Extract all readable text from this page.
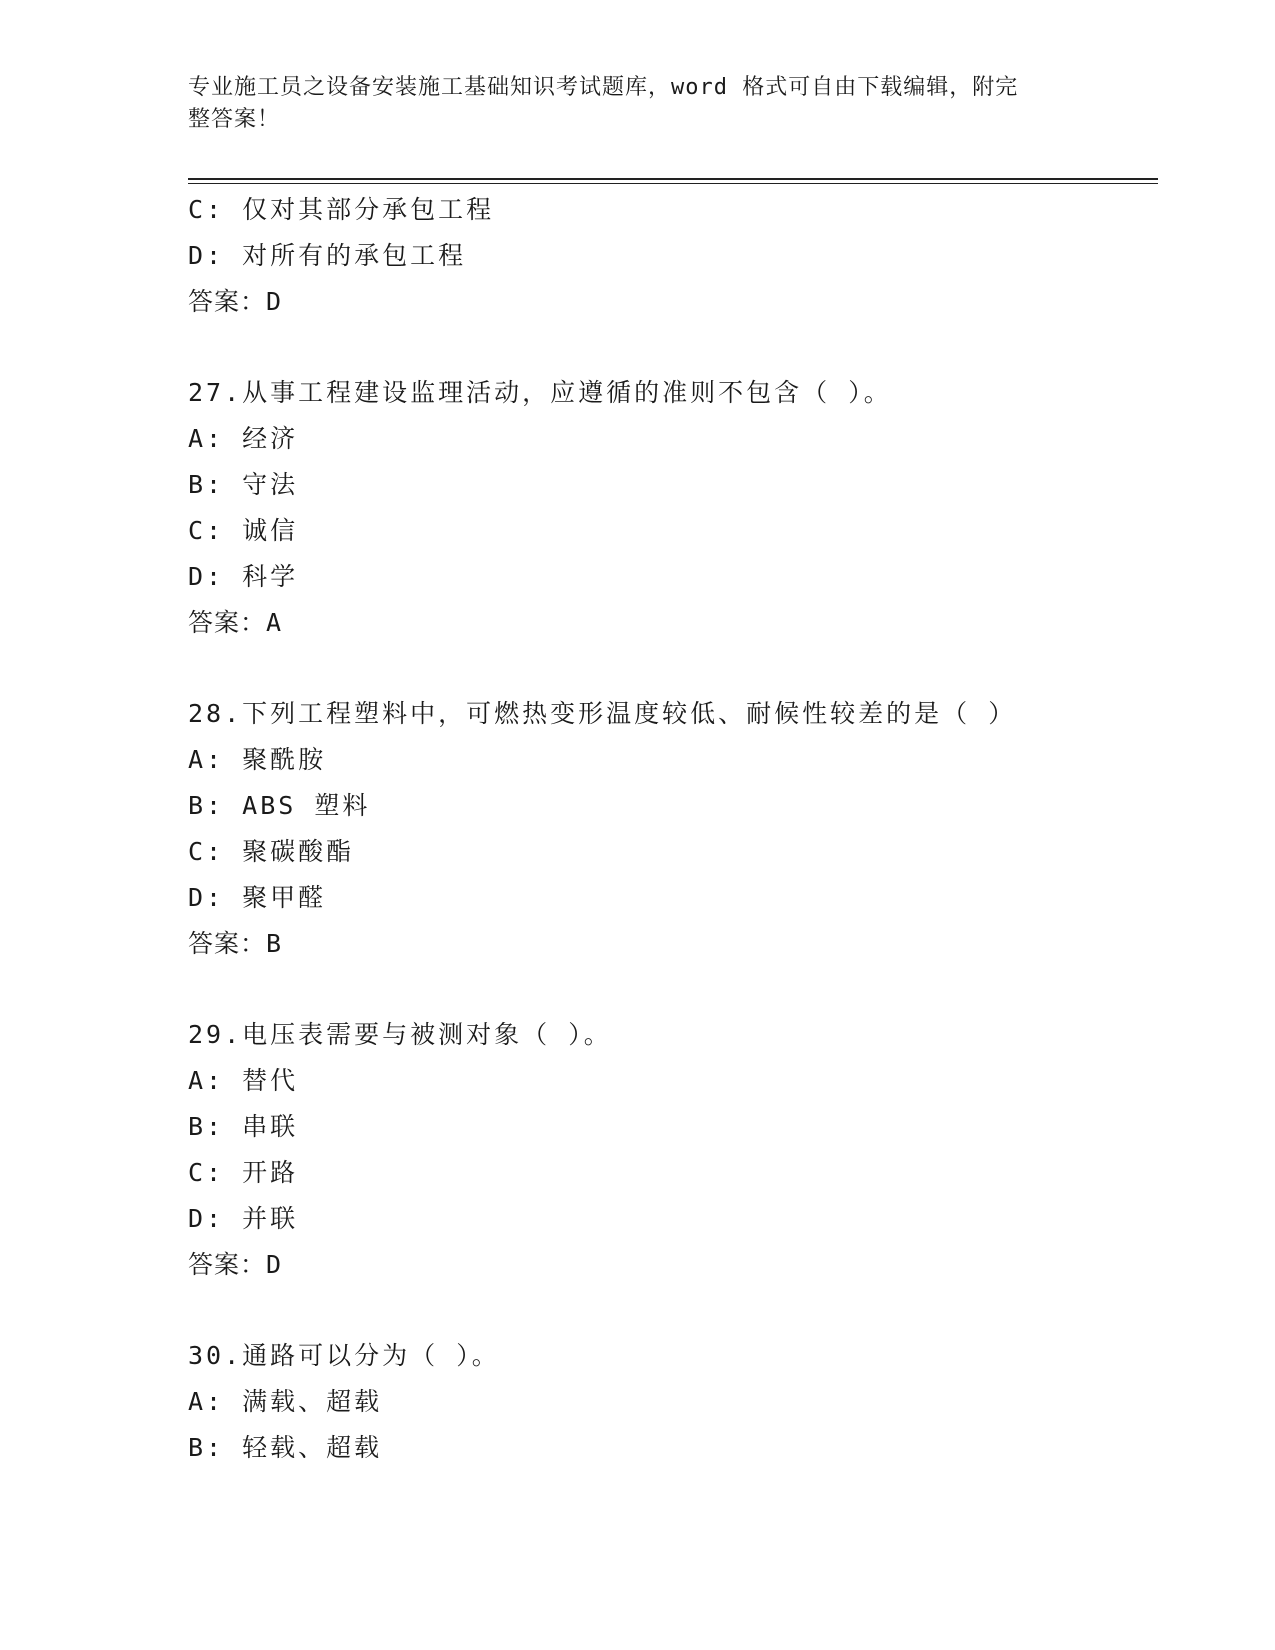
专业施工员之设备安装施工基础知识考试题库，word 格式可自由下载编辑，附完
整答案！
C: 仅对其部分承包工程
D: 对所有的承包工程
答案：D
27.从事工程建设监理活动，应遵循的准则不包含（ ）。
A: 经济
B: 守法
C: 诚信
D: 科学
答案：A
28.下列工程塑料中，可燃热变形温度较低、耐候性较差的是（ ）
A: 聚酰胺
B: ABS 塑料
C: 聚碳酸酯
D: 聚甲醛
答案：B
29.电压表需要与被测对象（ ）。
A: 替代
B: 串联
C: 开路
D: 并联
答案：D
30.通路可以分为（ ）。
A: 满载、超载
B: 轻载、超载
